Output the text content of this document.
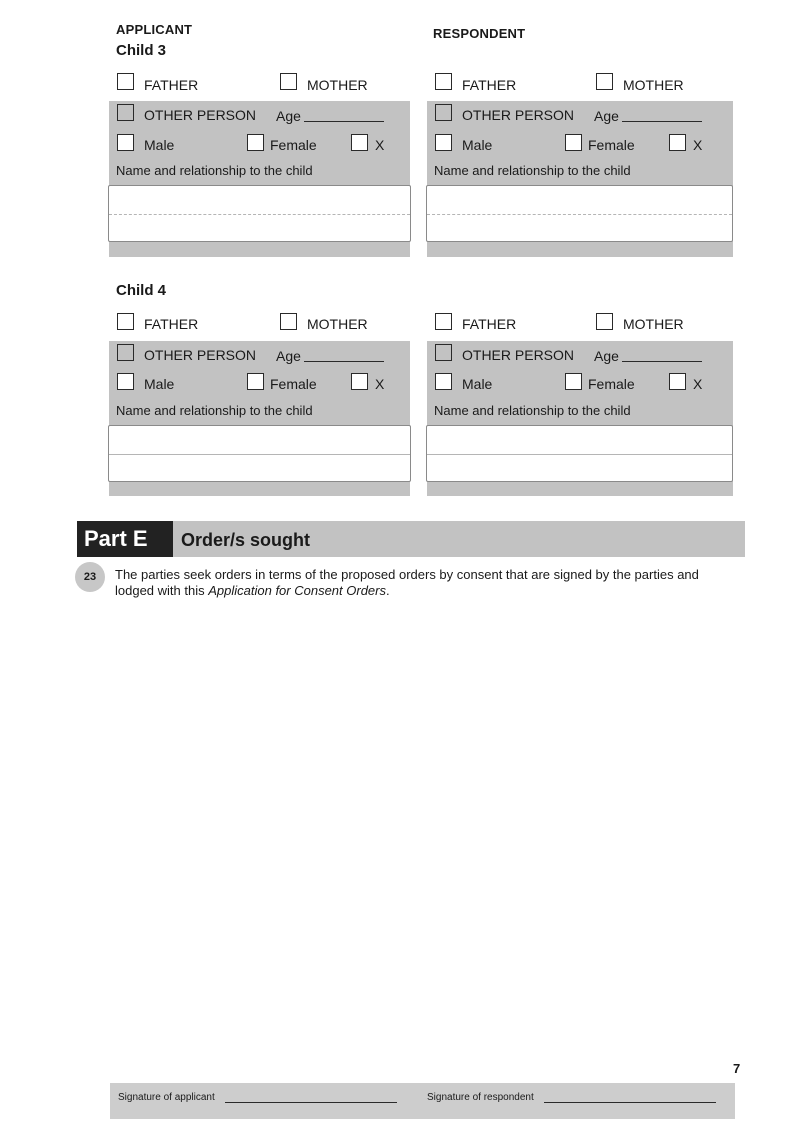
APPLICANT	RESPONDENT
Child 3
FATHER	MOTHER
OTHER PERSON Age
Male	Female	X
Name and relationship to the child
FATHER	MOTHER
OTHER PERSON Age
Male	Female	X
Name and relationship to the child
Child 4
FATHER	MOTHER
OTHER PERSON Age
Male	Female	X
Name and relationship to the child
FATHER	MOTHER
OTHER PERSON Age
Male	Female	X
Name and relationship to the child
Part E	Order/s sought
23	The parties seek orders in terms of the proposed orders by consent that are signed by the parties and lodged with this Application for Consent Orders.
7
Signature of applicant	Signature of respondent
